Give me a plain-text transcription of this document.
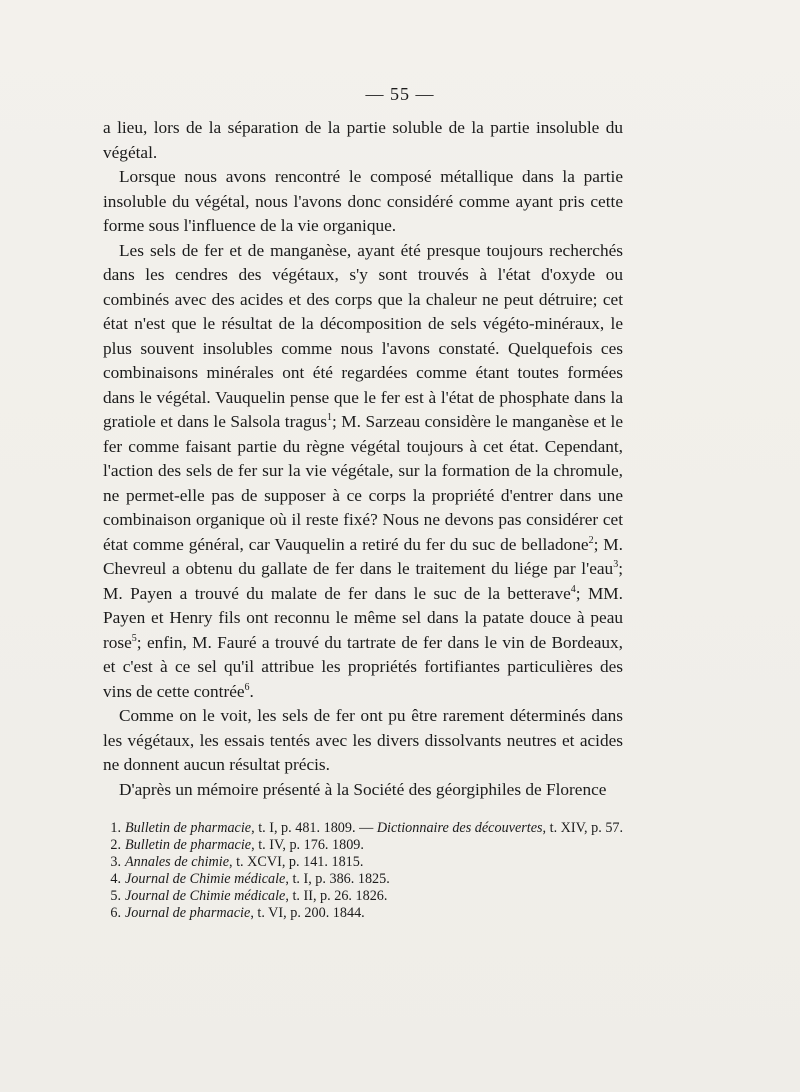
— 55 —

a lieu, lors de la séparation de la partie soluble de la partie insoluble du végétal.

Lorsque nous avons rencontré le composé métallique dans la partie insoluble du végétal, nous l'avons donc considéré comme ayant pris cette forme sous l'influence de la vie organique.

Les sels de fer et de manganèse, ayant été presque toujours recherchés dans les cendres des végétaux, s'y sont trouvés à l'état d'oxyde ou combinés avec des acides et des corps que la chaleur ne peut détruire; cet état n'est que le résultat de la décomposition de sels végéto-minéraux, le plus souvent insolubles comme nous l'avons constaté. Quelquefois ces combinaisons minérales ont été regardées comme étant toutes formées dans le végétal. Vauquelin pense que le fer est à l'état de phosphate dans la gratiole et dans le Salsola tragus$^1$; M. Sarzeau considère le manganèse et le fer comme faisant partie du règne végétal toujours à cet état. Cependant, l'action des sels de fer sur la vie végétale, sur la formation de la chromule, ne permet-elle pas de supposer à ce corps la propriété d'entrer dans une combinaison organique où il reste fixé? Nous ne devons pas considérer cet état comme général, car Vauquelin a retiré du fer du suc de belladone$^2$; M. Chevreul a obtenu du gallate de fer dans le traitement du liége par l'eau$^3$; M. Payen a trouvé du malate de fer dans le suc de la betterave$^4$; MM. Payen et Henry fils ont reconnu le même sel dans la patate douce à peau rose$^5$; enfin, M. Fauré a trouvé du tartrate de fer dans le vin de Bordeaux, et c'est à ce sel qu'il attribue les propriétés fortifiantes particulières des vins de cette contrée$^6$.

Comme on le voit, les sels de fer ont pu être rarement déterminés dans les végétaux, les essais tentés avec les divers dissolvants neutres et acides ne donnent aucun résultat précis.

D'après un mémoire présenté à la Société des géorgiphiles de Florence

1. Bulletin de pharmacie, t. I, p. 481. 1809. — Dictionnaire des découvertes, t. XIV, p. 57.

2. Bulletin de pharmacie, t. IV, p. 176. 1809.

3. Annales de chimie, t. XCVI, p. 141. 1815.

4. Journal de Chimie médicale, t. I, p. 386. 1825.

5. Journal de Chimie médicale, t. II, p. 26. 1826.

6. Journal de pharmacie, t. VI, p. 200. 1844.
